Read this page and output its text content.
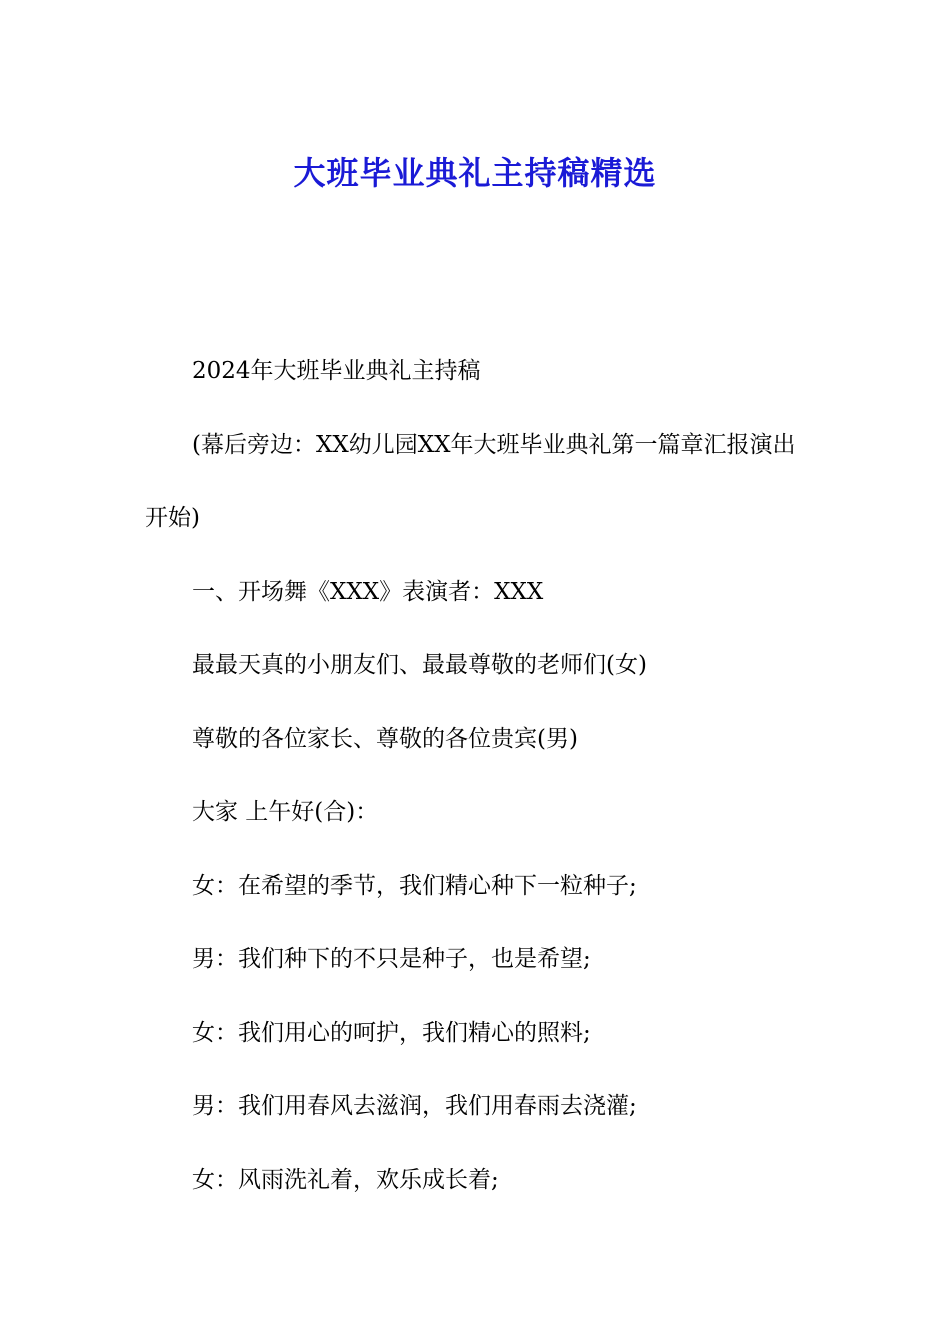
大班毕业典礼主持稿精选

2024年大班毕业典礼主持稿

(幕后旁边：XX幼儿园XX年大班毕业典礼第一篇章汇报演出开始)

一、开场舞《XXX》表演者：XXX

最最天真的小朋友们、最最尊敬的老师们(女)

尊敬的各位家长、尊敬的各位贵宾(男)

大家 上午好(合)：

女：在希望的季节，我们精心种下一粒种子;

男：我们种下的不只是种子，也是希望;

女：我们用心的呵护，我们精心的照料;

男：我们用春风去滋润，我们用春雨去浇灌;

女：风雨洗礼着，欢乐成长着;
